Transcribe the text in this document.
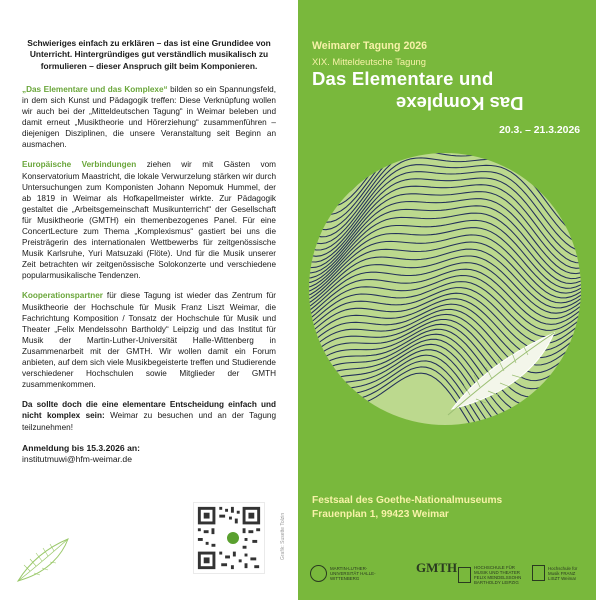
Schwieriges einfach zu erklären – das ist eine Grundidee von Unterricht. Hintergründiges gut verständlich musikalisch zu formulieren – dieser Anspruch gilt beim Komponieren.

„Das Elementare und das Komplexe“ bilden so ein Spannungsfeld, in dem sich Kunst und Pädagogik treffen: Diese Verknüpfung wollen wir auch bei der „Mitteldeutschen Tagung“ in Weimar beleben und damit erneut „Musiktheorie und Hörerziehung“ zusammenführen – diejenigen Disziplinen, die unsere Veranstaltung seit Beginn an ausmachen.

Europäische Verbindungen ziehen wir mit Gästen vom Konservatorium Maastricht, die lokale Verwurzelung stärken wir durch Untersuchungen zum Komponisten Johann Nepomuk Hummel, der ab 1819 in Weimar als Hofkapellmeister wirkte. Zur Pädagogik gestaltet die „Arbeitsgemeinschaft Musikunterricht“ der Gesellschaft für Musiktheorie (GMTH) ein themenbezogenes Panel. Für eine ConcertLecture zum Thema „Komplexismus“ gastiert bei uns die Preisträgerin des internationalen Wettbewerbs für zeitgenössische Musik Karlsruhe, Yuri Matsuzaki (Flöte). Und für die Musik unserer Zeit betrachten wir zeitgenössische Solokonzerte und verschiedene popularmusikalische Tendenzen.

Kooperationspartner für diese Tagung ist wieder das Zentrum für Musiktheorie der Hochschule für Musik Franz Liszt Weimar, die Fachrichtung Komposition / Tonsatz der Hochschule für Musik und Theater „Felix Mendelssohn Bartholdy“ Leipzig und das Institut für Musik der Martin-Luther-Universität Halle-Wittenberg in Zusammenarbeit mit der GMTH. Wir wollen damit ein Forum anbieten, auf dem sich viele Musikbegeisterte treffen und Studierende verschiedener Hochschulen sowie Mitglieder der GMTH zusammenkommen.

Da sollte doch die eine elementare Entscheidung einfach und nicht komplex sein: Weimar zu besuchen und an der Tagung teilzunehmen!

Anmeldung bis 15.3.2026 an:
institutmuwi@hfm-weimar.de
Grafik: Susette Tolzin
Weimarer Tagung 2026
XIX. Mitteldeutsche Tagung
Das Elementare und
Das Komplexe
20.3. – 21.3.2026
Festsaal des Goethe-Nationalmuseums
Frauenplan 1, 99423 Weimar
MARTIN-LUTHER-UNIVERSITÄT HALLE-WITTENBERG
GMTH	HOCHSCHULE FÜR MUSIK UND THEATER FELIX MENDELSSOHN BARTHOLDY LEIPZIG
Hochschule für Musik FRANZ LISZT Weimar
